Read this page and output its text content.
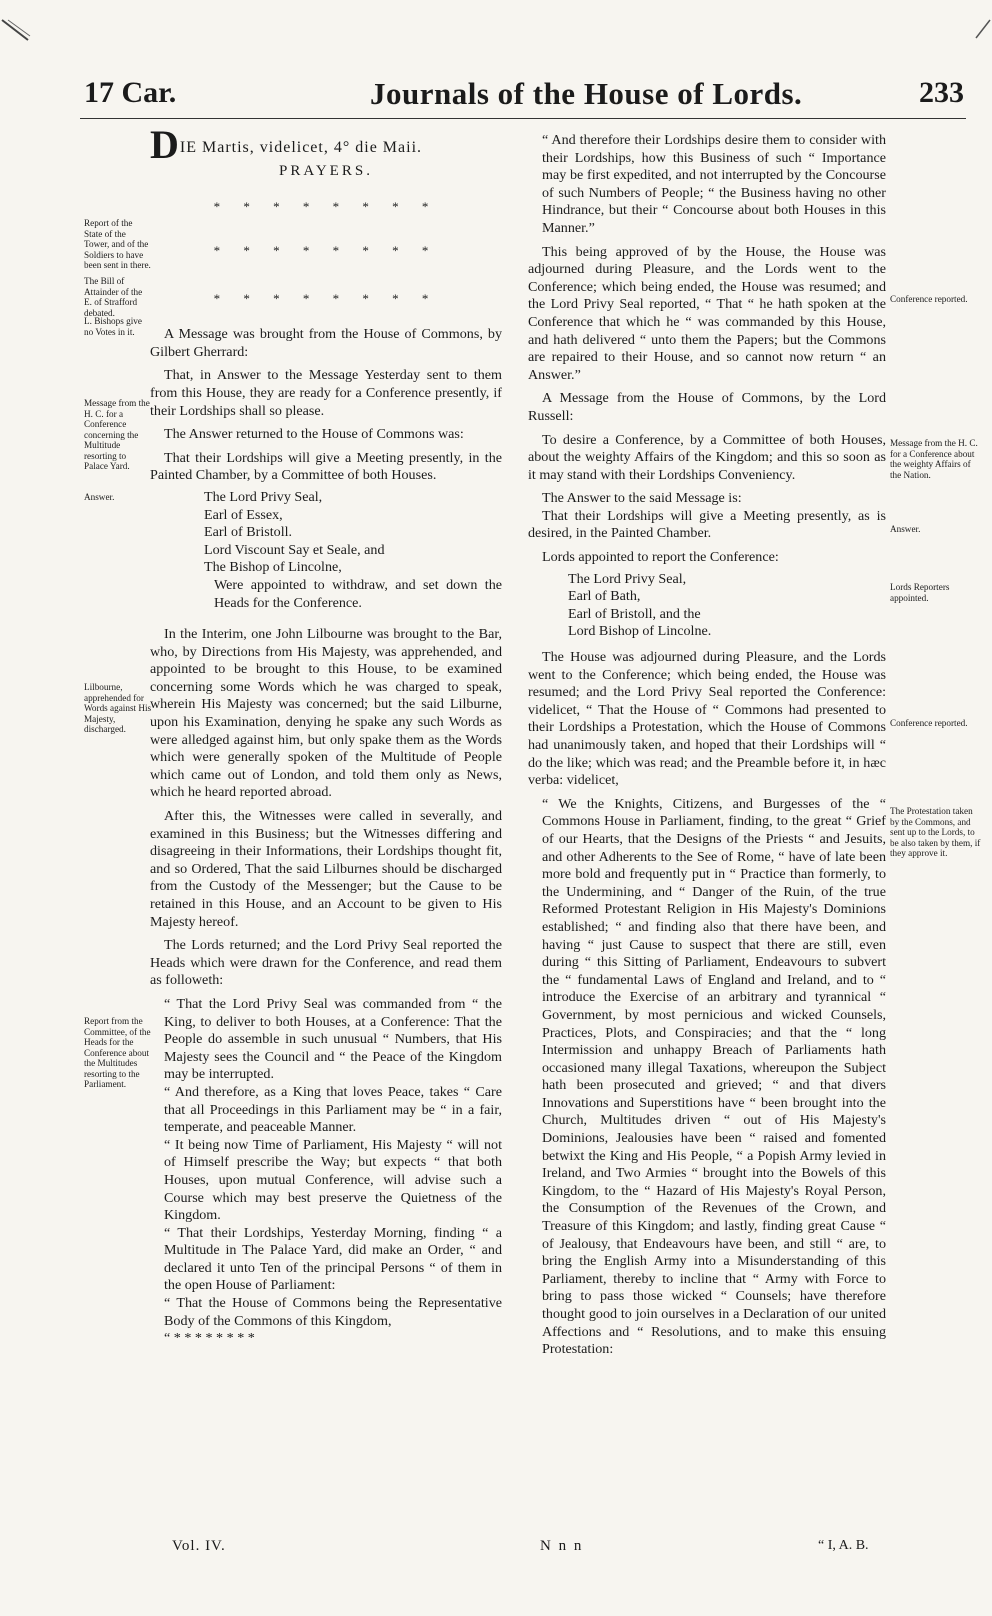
17 Car.	Journals of the House of Lords.	233
Report of the State of the Tower, and of the Soldiers to have been sent in there.
The Bill of Attainder of the E. of Strafford debated.
L. Bishops give no Votes in it.
Message from the H. C. for a Conference concerning the Multitude resorting to Palace Yard.
Answer.
Lilbourne, apprehended for Words against His Majesty, discharged.
Report from the Committee, of the Heads for the Conference about the Multitudes resorting to the Parliament.
Conference reported.
Message from the H. C. for a Conference about the weighty Affairs of the Nation.
Answer.
Lords Reporters appointed.
Conference reported.
The Protestation taken by the Commons, and sent up to the Lords, to be also taken by them, if they approve it.
DIE Martis, videlicet, 4° die Maii.
PRAYERS.
* * * * * * * *
* * * * * * * *
* * * * * * * *

A Message was brought from the House of Commons, by Gilbert Gherrard:

That, in Answer to the Message Yesterday sent to them from this House, they are ready for a Conference presently, if their Lordships shall so please.

The Answer returned to the House of Commons was:

That their Lordships will give a Meeting presently, in the Painted Chamber, by a Committee of both Houses.

The Lord Privy Seal,
Earl of Essex,
Earl of Bristoll.
Lord Viscount Say et Seale, and
The Bishop of Lincolne,
Were appointed to withdraw, and set down the Heads for the Conference.

In the Interim, one John Lilbourne was brought to the Bar, who, by Directions from His Majesty, was apprehended, and appointed to be brought to this House, to be examined concerning some Words which he was charged to speak, wherein His Majesty was concerned; but the said Lilburne, upon his Examination, denying he spake any such Words as were alledged against him, but only spake them as the Words which were generally spoken of the Multitude of People which came out of London, and told them only as News, which he heard reported abroad.

After this, the Witnesses were called in severally, and examined in this Business; but the Witnesses differing and disagreeing in their Informations, their Lordships thought fit, and so Ordered, That the said Lilburnes should be discharged from the Custody of the Messenger; but the Cause to be retained in this House, and an Account to be given to His Majesty hereof.

The Lords returned; and the Lord Privy Seal reported the Heads which were drawn for the Conference, and read them as followeth:

“ That the Lord Privy Seal was commanded from “ the King, to deliver to both Houses, at a Conference: That the People do assemble in such unusual “ Numbers, that His Majesty sees the Council and “ the Peace of the Kingdom may be interrupted.

“ And therefore, as a King that loves Peace, takes “ Care that all Proceedings in this Parliament may be “ in a fair, temperate, and peaceable Manner.

“ It being now Time of Parliament, His Majesty “ will not of Himself prescribe the Way; but expects “ that both Houses, upon mutual Conference, will advise such a Course which may best preserve the Quietness of the Kingdom.

“ That their Lordships, Yesterday Morning, finding “ a Multitude in The Palace Yard, did make an Order, “ and declared it unto Ten of the principal Persons “ of them in the open House of Parliament:

“ That the House of Commons being the Representative Body of the Commons of this Kingdom,

“ * * * * * * * *

“ And therefore their Lordships desire them to consider with their Lordships, how this Business of such “ Importance may be first expedited, and not interrupted by the Concourse of such Numbers of People; “ the Business having no other Hindrance, but their “ Concourse about both Houses in this Manner.”

This being approved of by the House, the House was adjourned during Pleasure, and the Lords went to the Conference; which being ended, the House was resumed; and the Lord Privy Seal reported, “ That “ he hath spoken at the Conference that which he “ was commanded by this House, and hath delivered “ unto them the Papers; but the Commons are repaired to their House, and so cannot now return “ an Answer.”

A Message from the House of Commons, by the Lord Russell:

To desire a Conference, by a Committee of both Houses, about the weighty Affairs of the Kingdom; and this so soon as it may stand with their Lordships Conveniency.

The Answer to the said Message is:

That their Lordships will give a Meeting presently, as is desired, in the Painted Chamber.

Lords appointed to report the Conference:

The Lord Privy Seal,
Earl of Bath,
Earl of Bristoll, and the
Lord Bishop of Lincolne.

The House was adjourned during Pleasure, and the Lords went to the Conference; which being ended, the House was resumed; and the Lord Privy Seal reported the Conference: videlicet, “ That the House of “ Commons had presented to their Lordships a Protestation, which the House of Commons had unanimously taken, and hoped that their Lordships will “ do the like; which was read; and the Preamble before it, in hæc verba: videlicet,

“ We the Knights, Citizens, and Burgesses of the “ Commons House in Parliament, finding, to the great “ Grief of our Hearts, that the Designs of the Priests “ and Jesuits, and other Adherents to the See of Rome, “ have of late been more bold and frequently put in “ Practice than formerly, to the Undermining, and “ Danger of the Ruin, of the true Reformed Protestant Religion in His Majesty's Dominions established; “ and finding also that there have been, and having “ just Cause to suspect that there are still, even during “ this Sitting of Parliament, Endeavours to subvert the “ fundamental Laws of England and Ireland, and to “ introduce the Exercise of an arbitrary and tyrannical “ Government, by most pernicious and wicked Counsels, Practices, Plots, and Conspiracies; and that the “ long Intermission and unhappy Breach of Parliaments hath occasioned many illegal Taxations, whereupon the Subject hath been prosecuted and grieved; “ and that divers Innovations and Superstitions have “ been brought into the Church, Multitudes driven “ out of His Majesty's Dominions, Jealousies have been “ raised and fomented betwixt the King and His People, “ a Popish Army levied in Ireland, and Two Armies “ brought into the Bowels of this Kingdom, to the “ Hazard of His Majesty's Royal Person, the Consumption of the Revenues of the Crown, and Treasure of this Kingdom; and lastly, finding great Cause “ of Jealousy, that Endeavours have been, and still “ are, to bring the English Army into a Misunderstanding of this Parliament, thereby to incline that “ Army with Force to bring to pass those wicked “ Counsels; have therefore thought good to join ourselves in a Declaration of our united Affections and “ Resolutions, and to make this ensuing Protestation:

Vol. IV.	N n n	“ I, A. B.
